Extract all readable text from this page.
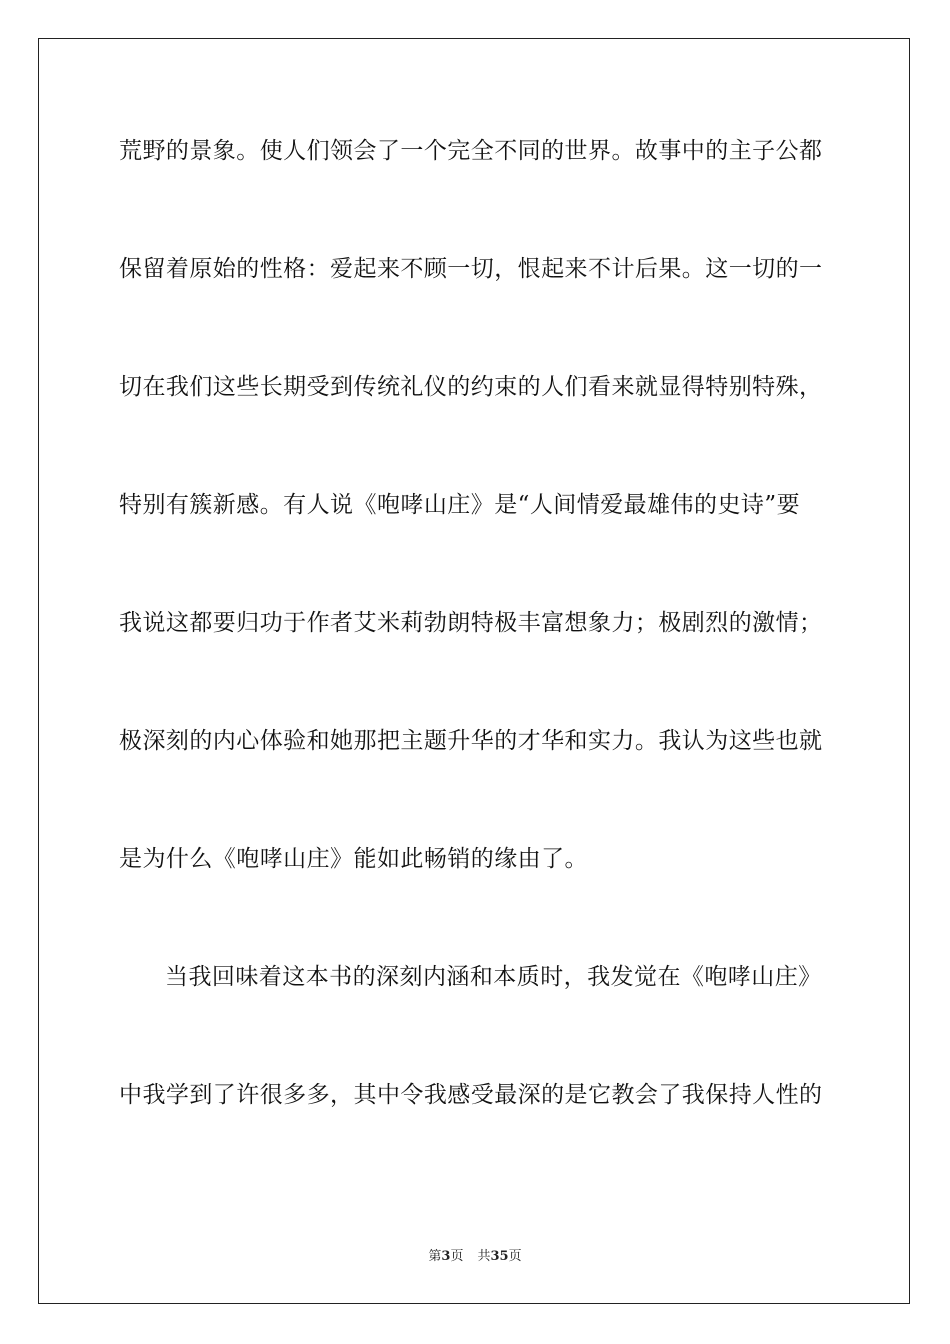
荒野的景象。使人们领会了一个完全不同的世界。故事中的主子公都
保留着原始的性格：爱起来不顾一切，恨起来不计后果。这一切的一
切在我们这些长期受到传统礼仪的约束的人们看来就显得特别特殊，
特别有簇新感。有人说《咆哮山庄》是“人间情爱最雄伟的史诗”要
我说这都要归功于作者艾米莉勃朗特极丰富想象力；极剧烈的激情；
极深刻的内心体验和她那把主题升华的才华和实力。我认为这些也就
是为什么《咆哮山庄》能如此畅销的缘由了。
当我回味着这本书的深刻内涵和本质时，我发觉在《咆哮山庄》
中我学到了许很多多，其中令我感受最深的是它教会了我保持人性的
第3页 共35页
